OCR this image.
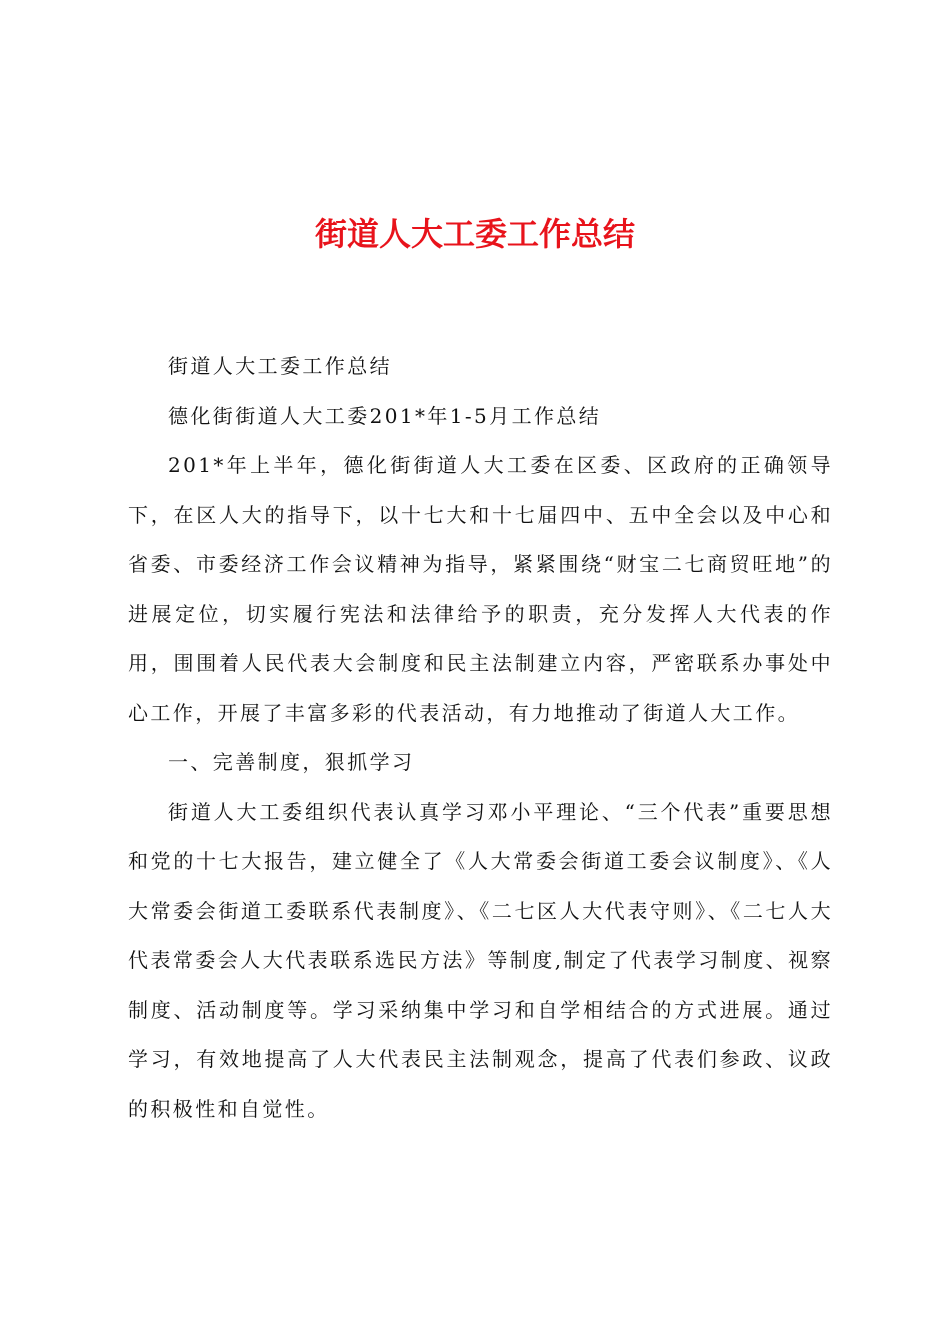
街道人大工委工作总结

街道人大工委工作总结

德化街街道人大工委201*年1-5月工作总结

201*年上半年，德化街街道人大工委在区委、区政府的正确领导下，在区人大的指导下，以十七大和十七届四中、五中全会以及中心和省委、市委经济工作会议精神为指导，紧紧围绕“财宝二七商贸旺地”的进展定位，切实履行宪法和法律给予的职责，充分发挥人大代表的作用，围围着人民代表大会制度和民主法制建立内容，严密联系办事处中心工作，开展了丰富多彩的代表活动，有力地推动了街道人大工作。

一、完善制度，狠抓学习

街道人大工委组织代表认真学习邓小平理论、“三个代表”重要思想和党的十七大报告，建立健全了《人大常委会街道工委会议制度》、《人大常委会街道工委联系代表制度》、《二七区人大代表守则》、《二七人大代表常委会人大代表联系选民方法》等制度,制定了代表学习制度、视察制度、活动制度等。学习采纳集中学习和自学相结合的方式进展。通过学习，有效地提高了人大代表民主法制观念，提高了代表们参政、议政的积极性和自觉性。
